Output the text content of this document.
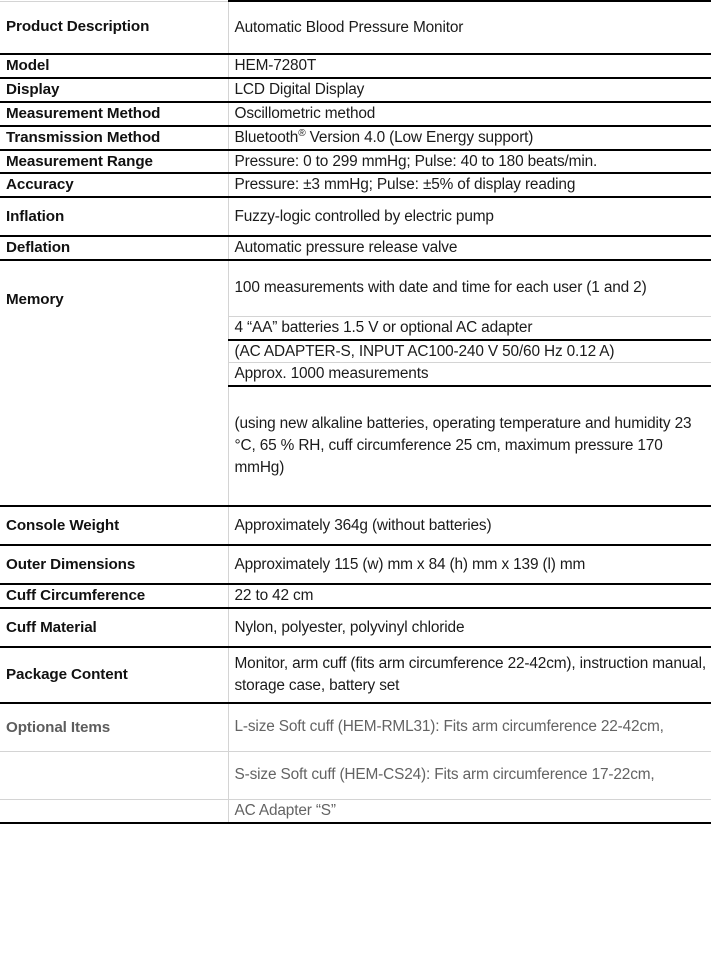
Product Description	Automatic Blood Pressure Monitor
Model	HEM-7280T
Display	LCD Digital Display
Measurement Method	Oscillometric method
Transmission Method	Bluetooth® Version 4.0 (Low Energy support)
Measurement Range	Pressure: 0 to 299 mmHg; Pulse: 40 to 180 beats/min.
Accuracy	Pressure: ±3 mmHg; Pulse: ±5% of display reading
Inflation	Fuzzy-logic controlled by electric pump
Deflation	Automatic pressure release valve
Memory	100 measurements with date and time for each user (1 and 2)
	4 “AA” batteries 1.5 V or optional AC adapter
	(AC ADAPTER-S, INPUT AC100-240 V 50/60 Hz 0.12 A)
	Approx. 1000 measurements
	(using new alkaline batteries, operating temperature and humidity 23 °C, 65 % RH, cuff circumference 25 cm, maximum pressure 170 mmHg)
Console Weight	Approximately 364g (without batteries)
Outer Dimensions	Approximately 115 (w) mm x 84 (h) mm x 139 (l) mm
Cuff Circumference	22 to 42 cm
Cuff Material	Nylon, polyester, polyvinyl chloride
Package Content	Monitor, arm cuff (fits arm circumference 22-42cm), instruction manual, storage case, battery set
Optional Items	L-size Soft cuff (HEM-RML31): Fits arm circumference 22-42cm,
	S-size Soft cuff (HEM-CS24): Fits arm circumference 17-22cm,
	AC Adapter “S”
